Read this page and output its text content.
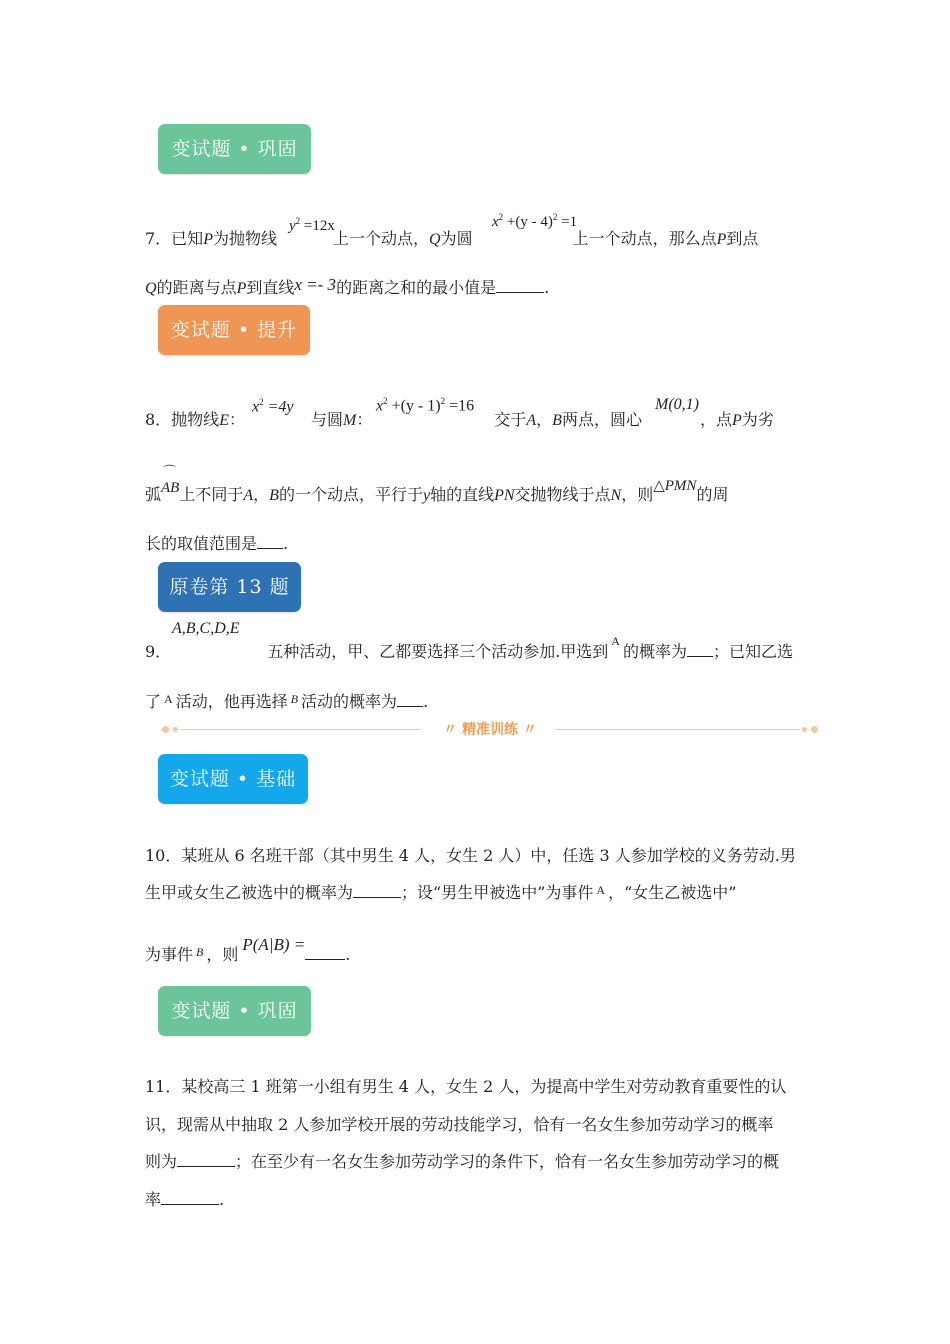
变试题 • 巩固
7．已知P为抛物线	上一个动点，Q为圆	上一个动点，那么点P到点
$y^2 =12x$	$x^2 +(y - 4)^2 =1$
Q的距离与点P到直线x =- 3的距离之和的最小值是	.
变试题 • 提升
8．抛物线E：	与圆M：	交于A，B两点，圆心	，点P为劣
$x^2 =4y$	$x^2 +(y - 1)^2 =16$	M(0,1)
弧AB
⌒
上不同于A，B的一个动点，平行于y轴的直线PN交抛物线于点N，则△PMN的周
长的取值范围是 .
原卷第 13 题
A,B,C,D,E
9．	五种活动，甲、乙都要选择三个活动参加.甲选到$^A$的概率为 ；已知乙选
了 $^A$ 活动，他再选择 $^B$ 活动的概率为 .
〃 精准训练 〃
变试题 • 基础
10．某班从 6 名班干部（其中男生 4 人，女生 2 人）中，任选 3 人参加学校的义务劳动.男
生甲或女生乙被选中的概率为	；设“男生甲被选中”为事件 $^A$ ，“女生乙被选中”
为事件 $^B$ ，则P(A|B) =.
变试题 • 巩固
11．某校高三 1 班第一小组有男生 4 人，女生 2 人，为提高中学生对劳动教育重要性的认
识，现需从中抽取 2 人参加学校开展的劳动技能学习，恰有一名女生参加劳动学习的概率
则为	；在至少有一名女生参加劳动学习的条件下，恰有一名女生参加劳动学习的概
率	.
